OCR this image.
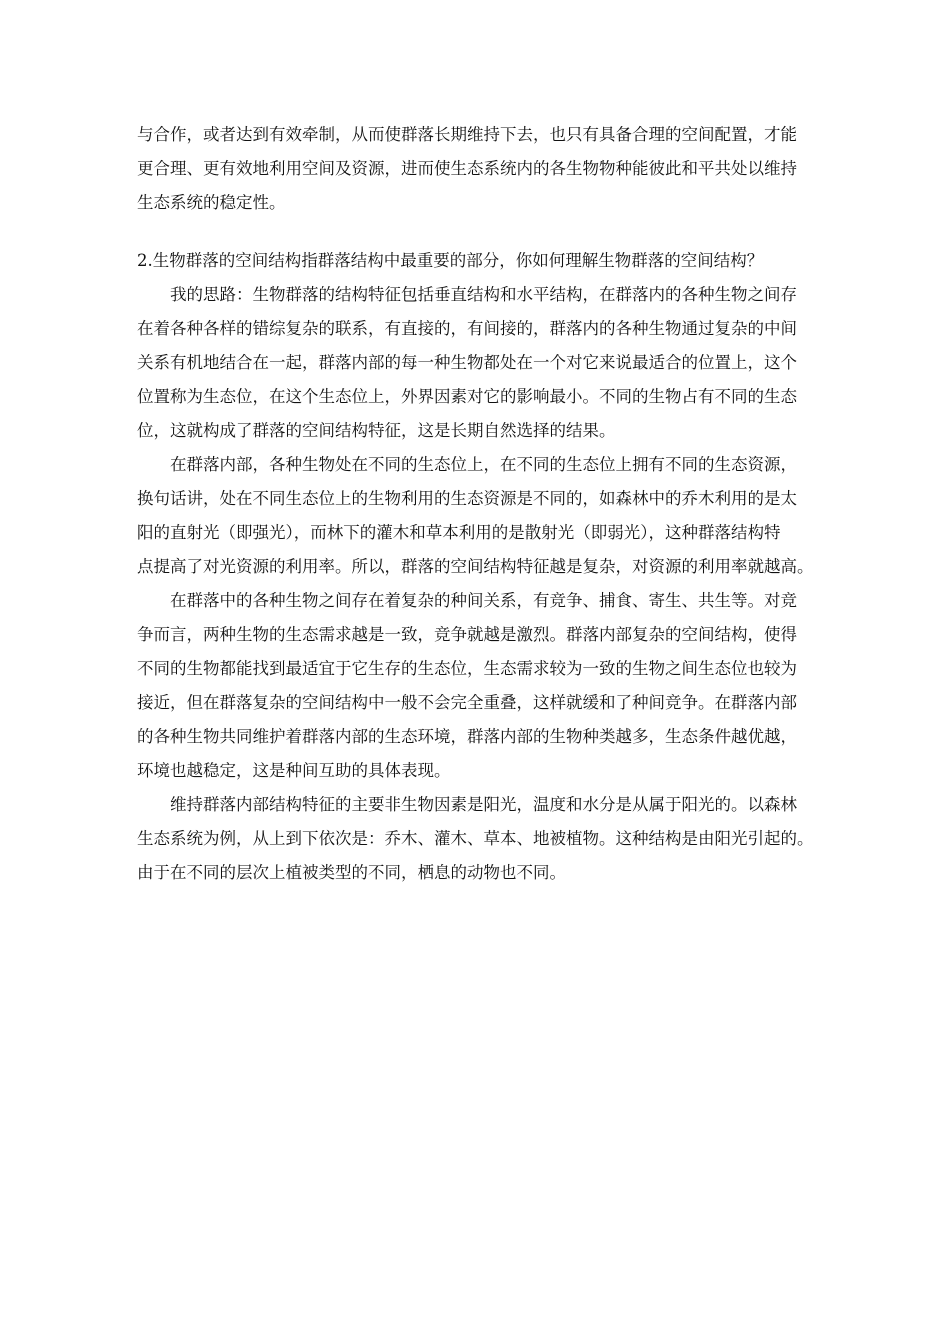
与合作，或者达到有效牵制，从而使群落长期维持下去，也只有具备合理的空间配置，才能
更合理、更有效地利用空间及资源，进而使生态系统内的各生物物种能彼此和平共处以维持
生态系统的稳定性。
2.生物群落的空间结构指群落结构中最重要的部分，你如何理解生物群落的空间结构？
我的思路：生物群落的结构特征包括垂直结构和水平结构，在群落内的各种生物之间存
在着各种各样的错综复杂的联系，有直接的，有间接的，群落内的各种生物通过复杂的中间
关系有机地结合在一起，群落内部的每一种生物都处在一个对它来说最适合的位置上，这个
位置称为生态位，在这个生态位上，外界因素对它的影响最小。不同的生物占有不同的生态
位，这就构成了群落的空间结构特征，这是长期自然选择的结果。
在群落内部，各种生物处在不同的生态位上，在不同的生态位上拥有不同的生态资源，
换句话讲，处在不同生态位上的生物利用的生态资源是不同的，如森林中的乔木利用的是太
阳的直射光（即强光），而林下的灌木和草本利用的是散射光（即弱光），这种群落结构特
点提高了对光资源的利用率。所以，群落的空间结构特征越是复杂，对资源的利用率就越高。
在群落中的各种生物之间存在着复杂的种间关系，有竞争、捕食、寄生、共生等。对竞
争而言，两种生物的生态需求越是一致，竞争就越是激烈。群落内部复杂的空间结构，使得
不同的生物都能找到最适宜于它生存的生态位，生态需求较为一致的生物之间生态位也较为
接近，但在群落复杂的空间结构中一般不会完全重叠，这样就缓和了种间竞争。在群落内部
的各种生物共同维护着群落内部的生态环境，群落内部的生物种类越多，生态条件越优越，
环境也越稳定，这是种间互助的具体表现。
维持群落内部结构特征的主要非生物因素是阳光，温度和水分是从属于阳光的。以森林
生态系统为例，从上到下依次是：乔木、灌木、草本、地被植物。这种结构是由阳光引起的。
由于在不同的层次上植被类型的不同，栖息的动物也不同。
